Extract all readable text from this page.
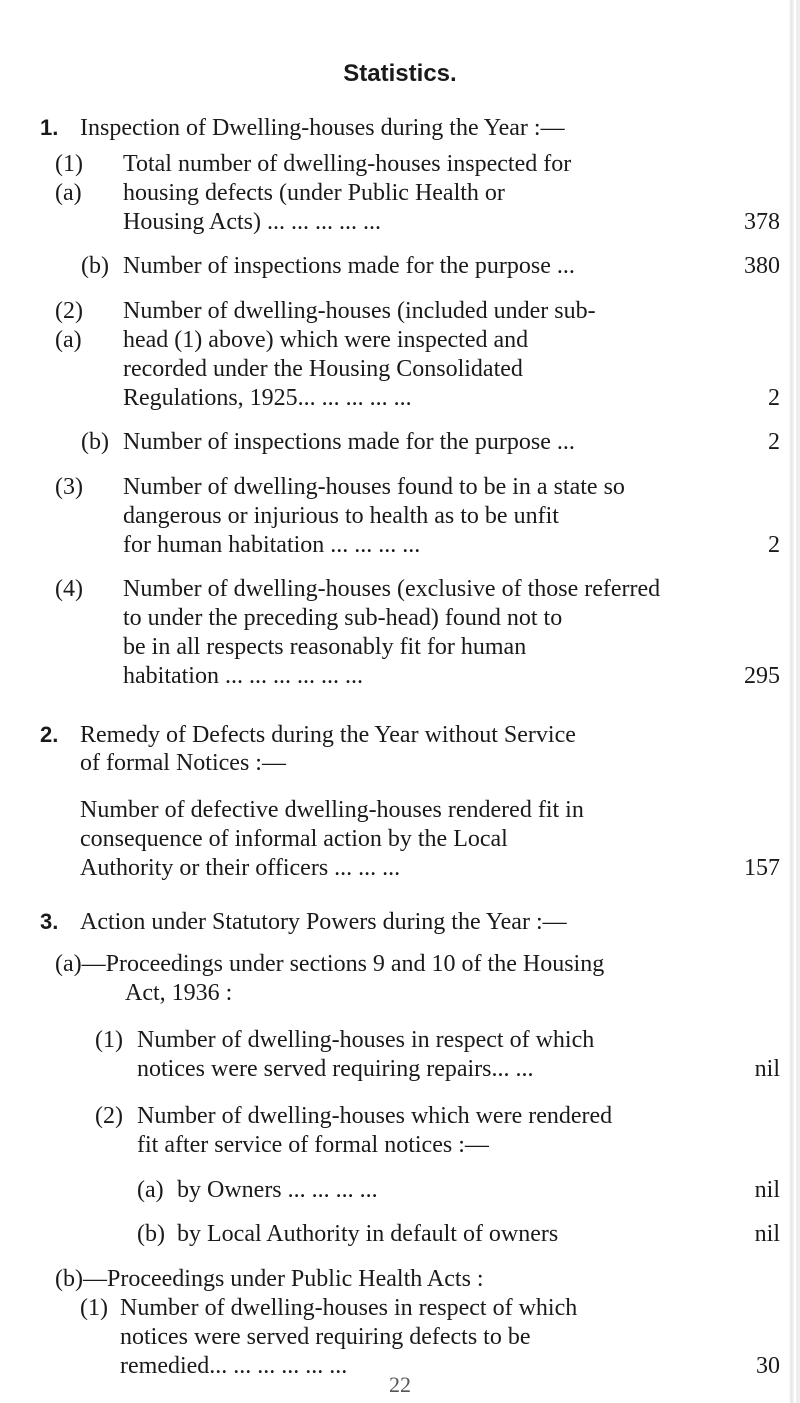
Statistics.
1. Inspection of Dwelling-houses during the Year :—
(1) (a)
Total number of dwelling-houses inspected for
housing defects (under Public Health or
Housing Acts) ... ... ... ... ...	378
(b) Number of inspections made for the purpose ...	380
(2) (a)
Number of dwelling-houses (included under sub-
head (1) above) which were inspected and
recorded under the Housing Consolidated
Regulations, 1925... ... ... ... ...	2
(b) Number of inspections made for the purpose ...	2
(3) Number of dwelling-houses found to be in a state so
dangerous or injurious to health as to be unfit
for human habitation ... ... ... ...	2
(4) Number of dwelling-houses (exclusive of those referred
to under the preceding sub-head) found not to
be in all respects reasonably fit for human
habitation ... ... ... ... ... ...	295
2. Remedy of Defects during the Year without Service
of formal Notices :—
Number of defective dwelling-houses rendered fit in
consequence of informal action by the Local
Authority or their officers ... ... ...	157
3. Action under Statutory Powers during the Year :—
(a)—Proceedings under sections 9 and 10 of the Housing
Act, 1936 :
(1) Number of dwelling-houses in respect of which
notices were served requiring repairs... ...	nil
(2) Number of dwelling-houses which were rendered
fit after service of formal notices :—
(a) by Owners ... ... ... ...	nil
(b) by Local Authority in default of owners	nil
(b)—Proceedings under Public Health Acts :
(1) Number of dwelling-houses in respect of which
notices were served requiring defects to be
remedied... ... ... ... ... ...	30
22
